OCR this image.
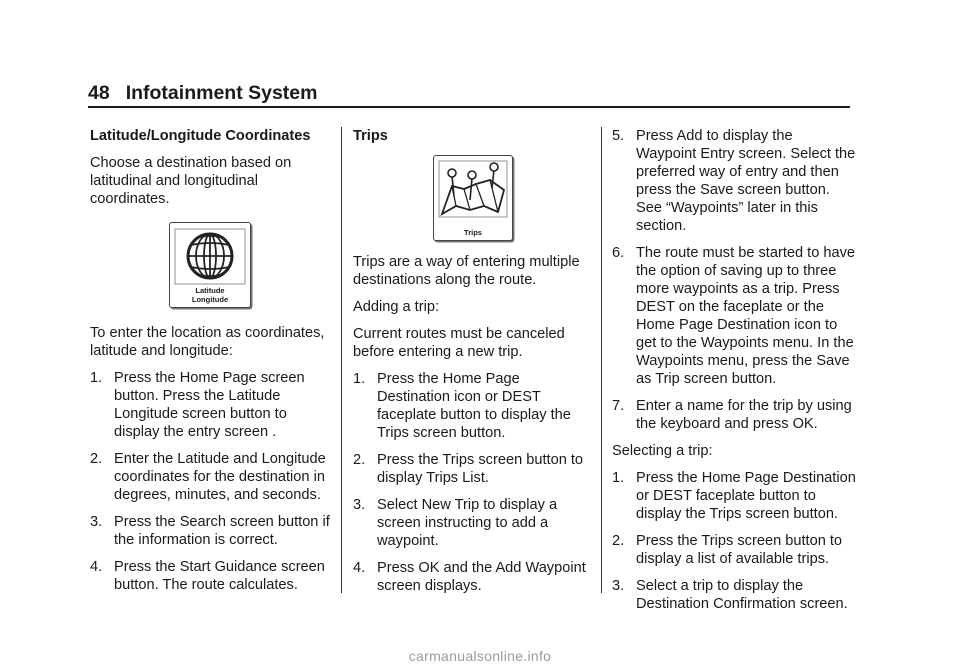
48 Infotainment System

Latitude/Longitude Coordinates

Choose a destination based on latitudinal and longitudinal coordinates.

Latitude
Longitude

To enter the location as coordinates, latitude and longitude:

1. Press the Home Page screen button. Press the Latitude Longitude screen button to display the entry screen .
2. Enter the Latitude and Longitude coordinates for the destination in degrees, minutes, and seconds.
3. Press the Search screen button if the information is correct.
4. Press the Start Guidance screen button. The route calculates.

Trips

Trips

Trips are a way of entering multiple destinations along the route.

Adding a trip:

Current routes must be canceled before entering a new trip.

1. Press the Home Page Destination icon or DEST faceplate button to display the Trips screen button.
2. Press the Trips screen button to display Trips List.
3. Select New Trip to display a screen instructing to add a waypoint.
4. Press OK and the Add Waypoint screen displays.
5. Press Add to display the Waypoint Entry screen. Select the preferred way of entry and then press the Save screen button. See “Waypoints” later in this section.
6. The route must be started to have the option of saving up to three more waypoints as a trip. Press DEST on the faceplate or the Home Page Destination icon to get to the Waypoints menu. In the Waypoints menu, press the Save as Trip screen button.
7. Enter a name for the trip by using the keyboard and press OK.

Selecting a trip:

1. Press the Home Page Destination or DEST faceplate button to display the Trips screen button.
2. Press the Trips screen button to display a list of available trips.
3. Select a trip to display the Destination Confirmation screen.
carmanualsonline.info
